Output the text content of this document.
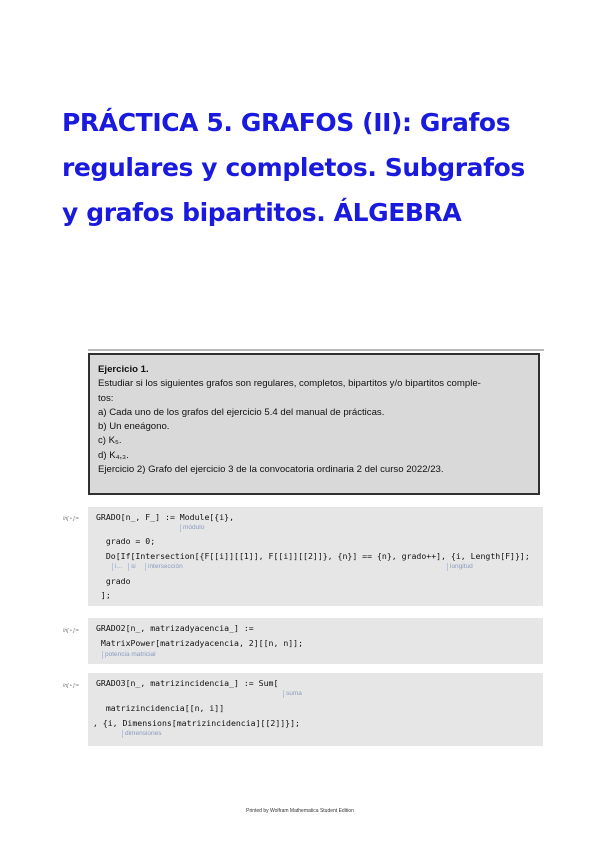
PRÁCTICA 5. GRAFOS (II): Grafos
regulares y completos. Subgrafos
y grafos bipartitos. ÁLGEBRA
Ejercicio 1.
Estudiar si los siguientes grafos son regulares, completos, bipartitos y/o bipartitos comple-
tos:
a) Cada uno de los grafos del ejercicio 5.4 del manual de prácticas.
b) Un eneágono.
c) K₅.
d) K₄,₃.
Ejercicio 2) Grafo del ejercicio 3 de la convocatoria ordinaria 2 del curso 2022/23.
In[ • ]:= GRADO[n_, F_] := Module[{i},
módulo
grado = 0;
Do[If[Intersection[{F[[i]][[1]], F[[i]][[2]]}, {n}] == {n}, grado++], {i, Length[F]}];
i…	si	intersección	longitud
grado
];
In[ • ]:= GRADO2[n_, matrizadyacencia_] :=
MatrixPower[matrizadyacencia, 2][[n, n]];
potencia matricial
In[ • ]:= GRADO3[n_, matrizincidencia_] := Sum[
suma
matrizincidencia[[n, i]]
, {i, Dimensions[matrizincidencia][[2]]}];
dimensiones
Printed by Wolfram Mathematica Student Edition
